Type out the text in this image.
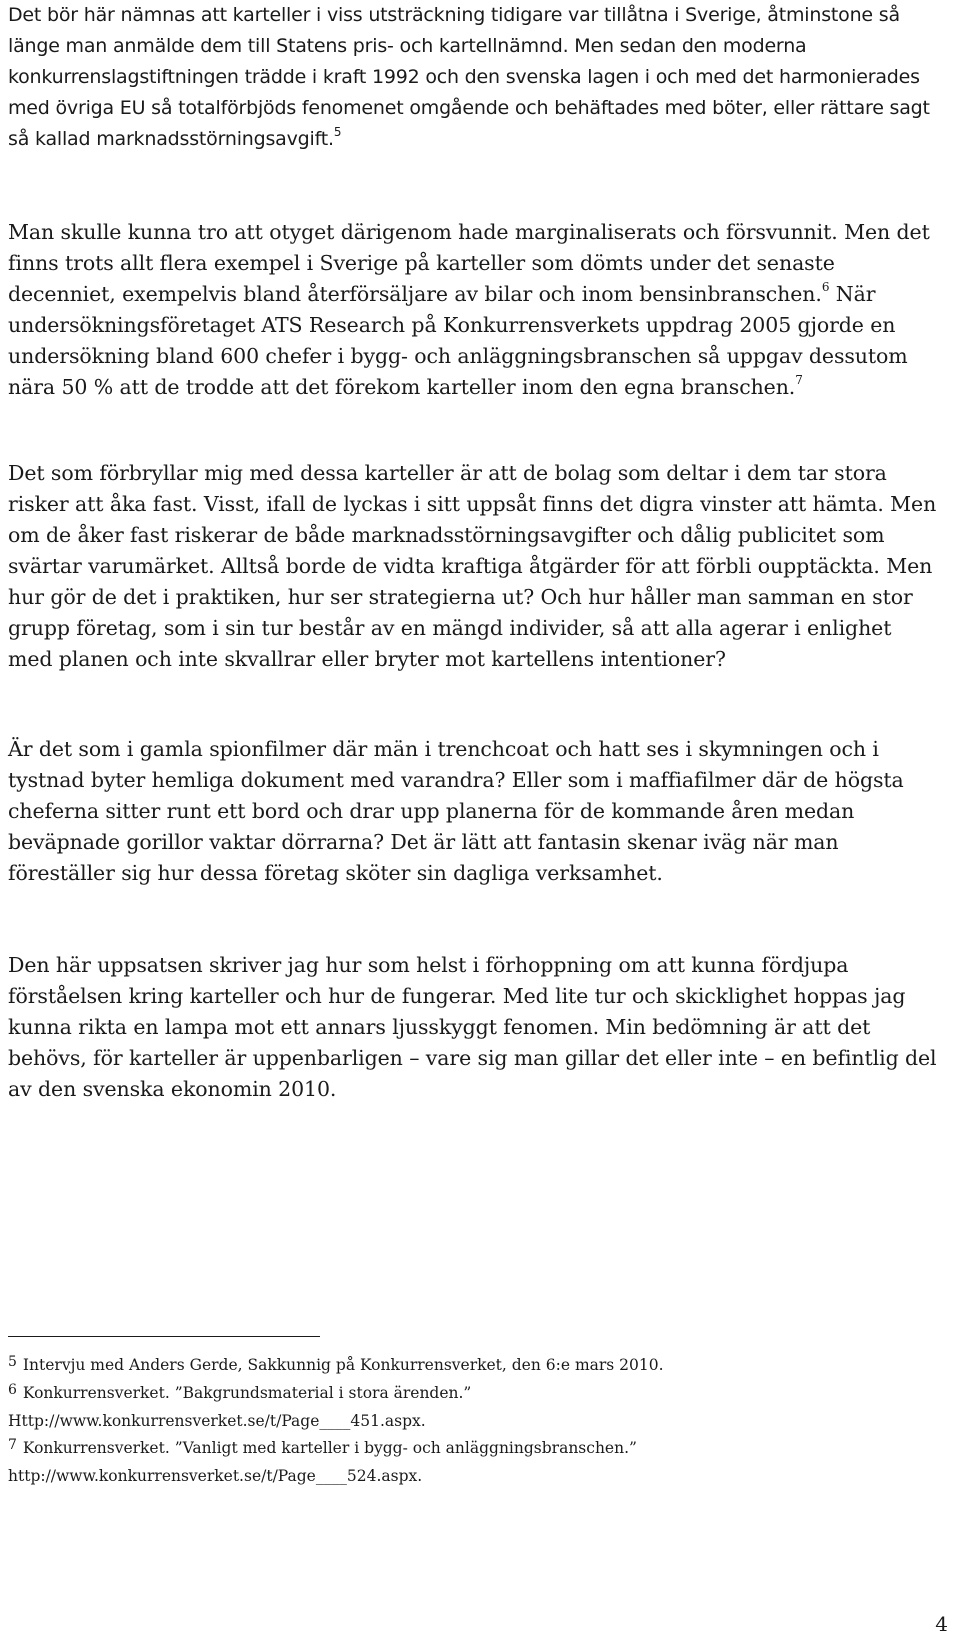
Det bör här nämnas att karteller i viss utsträckning tidigare var tillåtna i Sverige, åtminstone så länge man anmälde dem till Statens pris- och kartellnämnd. Men sedan den moderna konkurrenslagstiftningen trädde i kraft 1992 och den svenska lagen i och med det harmonierades med övriga EU så totalförbjöds fenomenet omgående och behäftades med böter, eller rättare sagt så kallad marknadsstörningsavgift.$^5$

Man skulle kunna tro att otyget därigenom hade marginaliserats och försvunnit. Men det finns trots allt flera exempel i Sverige på karteller som dömts under det senaste decenniet, exempelvis bland återförsäljare av bilar och inom bensinbranschen.$^6$ När undersökningsföretaget ATS Research på Konkurrensverkets uppdrag 2005 gjorde en undersökning bland 600 chefer i bygg- och anläggningsbranschen så uppgav dessutom nära 50 % att de trodde att det förekom karteller inom den egna branschen.$^7$

Det som förbryllar mig med dessa karteller är att de bolag som deltar i dem tar stora risker att åka fast. Visst, ifall de lyckas i sitt uppsåt finns det digra vinster att hämta. Men om de åker fast riskerar de både marknadsstörningsavgifter och dålig publicitet som svärtar varumärket. Alltså borde de vidta kraftiga åtgärder för att förbli oupptäckta. Men hur gör de det i praktiken, hur ser strategierna ut? Och hur håller man samman en stor grupp företag, som i sin tur består av en mängd individer, så att alla agerar i enlighet med planen och inte skvallrar eller bryter mot kartellens intentioner?

Är det som i gamla spionfilmer där män i trenchcoat och hatt ses i skymningen och i tystnad byter hemliga dokument med varandra? Eller som i maffiafilmer där de högsta cheferna sitter runt ett bord och drar upp planerna för de kommande åren medan beväpnade gorillor vaktar dörrarna? Det är lätt att fantasin skenar iväg när man föreställer sig hur dessa företag sköter sin dagliga verksamhet.

Den här uppsatsen skriver jag hur som helst i förhoppning om att kunna fördjupa förståelsen kring karteller och hur de fungerar. Med lite tur och skicklighet hoppas jag kunna rikta en lampa mot ett annars ljusskyggt fenomen. Min bedömning är att det behövs, för karteller är uppenbarligen – vare sig man gillar det eller inte – en befintlig del av den svenska ekonomin 2010.

5 Intervju med Anders Gerde, Sakkunnig på Konkurrensverket, den 6:e mars 2010.

6 Konkurrensverket. ”Bakgrundsmaterial i stora ärenden.”

Http://www.konkurrensverket.se/t/Page____451.aspx.

7 Konkurrensverket. ”Vanligt med karteller i bygg- och anläggningsbranschen.”

http://www.konkurrensverket.se/t/Page____524.aspx.

4
